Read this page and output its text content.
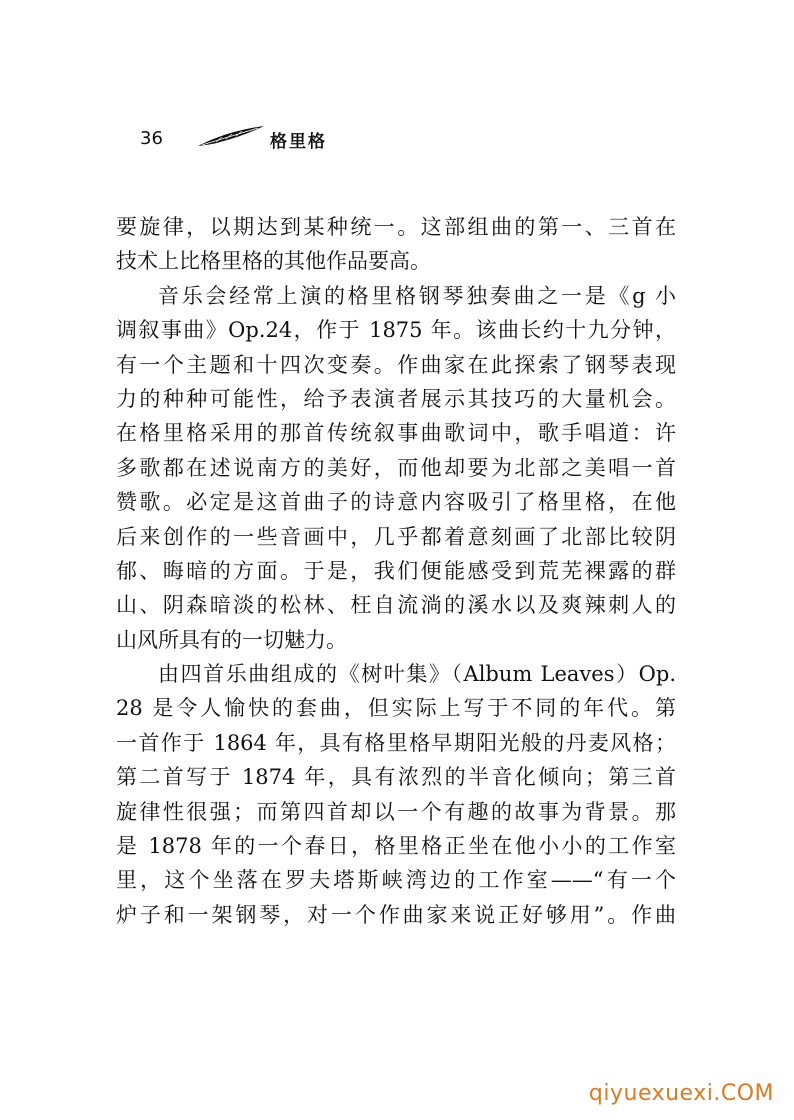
36	格里格
要旋律，以期达到某种统一。这部组曲的第一、三首在
技术上比格里格的其他作品要高。
音乐会经常上演的格里格钢琴独奏曲之一是《g 小
调叙事曲》Op.24，作于 1875 年。该曲长约十九分钟，
有一个主题和十四次变奏。作曲家在此探索了钢琴表现
力的种种可能性，给予表演者展示其技巧的大量机会。
在格里格采用的那首传统叙事曲歌词中，歌手唱道：许
多歌都在述说南方的美好，而他却要为北部之美唱一首
赞歌。必定是这首曲子的诗意内容吸引了格里格，在他
后来创作的一些音画中，几乎都着意刻画了北部比较阴
郁、晦暗的方面。于是，我们便能感受到荒芜裸露的群
山、阴森暗淡的松林、枉自流淌的溪水以及爽辣刺人的
山风所具有的一切魅力。
由四首乐曲组成的《树叶集》（Album Leaves）Op.
28 是令人愉快的套曲，但实际上写于不同的年代。第
一首作于 1864 年，具有格里格早期阳光般的丹麦风格；
第二首写于 1874 年，具有浓烈的半音化倾向；第三首
旋律性很强；而第四首却以一个有趣的故事为背景。那
是 1878 年的一个春日，格里格正坐在他小小的工作室
里，这个坐落在罗夫塔斯峡湾边的工作室——“有一个
炉子和一架钢琴，对一个作曲家来说正好够用”。作曲
qiyuexuexi.COM
